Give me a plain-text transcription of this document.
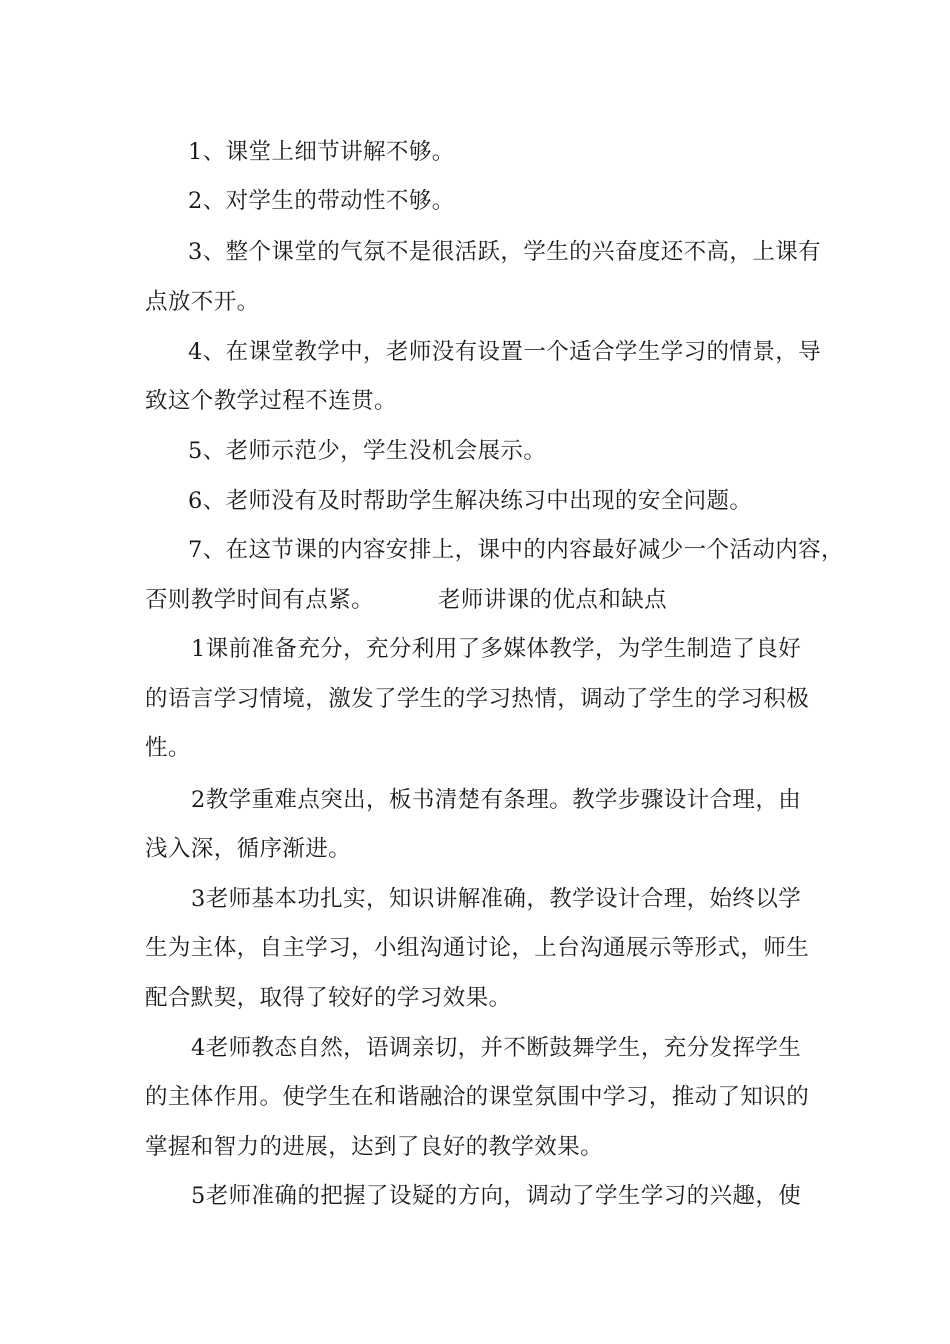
1、课堂上细节讲解不够。
2、对学生的带动性不够。
3、整个课堂的气氛不是很活跃，学生的兴奋度还不高，上课有
点放不开。
4、在课堂教学中，老师没有设置一个适合学生学习的情景，导
致这个教学过程不连贯。
5、老师示范少，学生没机会展示。
6、老师没有及时帮助学生解决练习中出现的安全问题。
7、在这节课的内容安排上，课中的内容最好减少一个活动内容，
否则教学时间有点紧。	老师讲课的优点和缺点
1课前准备充分，充分利用了多媒体教学，为学生制造了良好
的语言学习情境，激发了学生的学习热情，调动了学生的学习积极
性。
2教学重难点突出，板书清楚有条理。教学步骤设计合理，由
浅入深，循序渐进。
3老师基本功扎实，知识讲解准确，教学设计合理，始终以学
生为主体，自主学习，小组沟通讨论，上台沟通展示等形式，师生
配合默契，取得了较好的学习效果。
4老师教态自然，语调亲切，并不断鼓舞学生，充分发挥学生
的主体作用。使学生在和谐融洽的课堂氛围中学习，推动了知识的
掌握和智力的进展，达到了良好的教学效果。
5老师准确的把握了设疑的方向，调动了学生学习的兴趣，使
